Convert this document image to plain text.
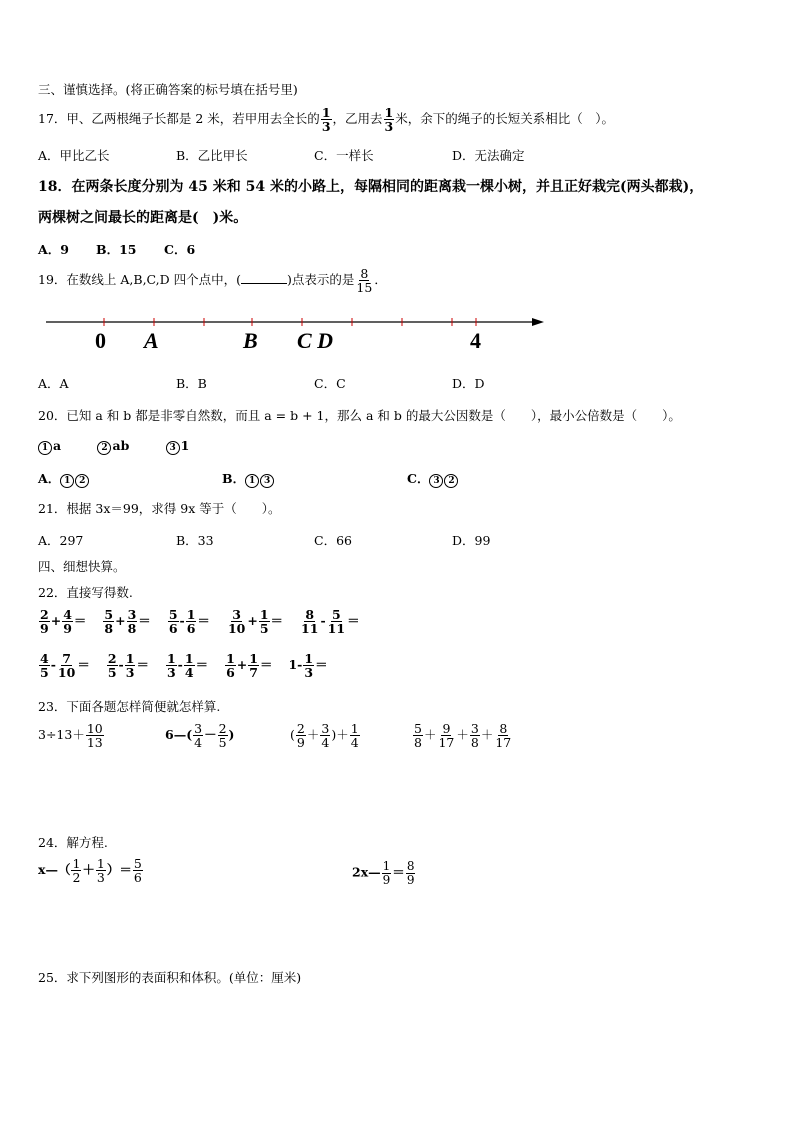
三、谨慎选择。(将正确答案的标号填在括号里)
17．甲、乙两根绳子长都是 2 米，若甲用去全长的 $\frac{1}{3}$ ，乙用去 $\frac{1}{3}$ 米，余下的绳子的长短关系相比（　）。
A．甲比乙长	B．乙比甲长	C．一样长	D．无法确定
18．在两条长度分别为 45 米和 54 米的小路上，每隔相同的距离栽一棵小树，并且正好栽完(两头都栽)，
两棵树之间最长的距离是(　)米。
A．9 B．15 C．6
19．在数线上 A,B,C,D 四个点中，(	)点表示的是 $\frac{8}{15}$ ．
0 A	B C D	4
A．A	B．B	C．C	D．D
20．已知 a 和 b 都是非零自然数，而且 a = b + 1，那么 a 和 b 的最大公因数是（　　），最小公倍数是（　　）。
1 a	2 ab	3 1
A． 1 2	B． 1 3	C． 3 2
21．根据 3x＝99，求得 9x 等于（　　）。
A．297	B．33	C．66	D．99
四、细想快算。
22．直接写得数.
$\frac{2}{9} + \frac{4}{9} = \frac{5}{8} + \frac{3}{8} = \frac{5}{6} - \frac{1}{6} = \frac{3}{10} + \frac{1}{5} = \frac{8}{11} - \frac{5}{11}$ ＝
$\frac{4}{5} - \frac{7}{10} = \frac{2}{5} - \frac{1}{3} = \frac{1}{3} - \frac{1}{4} = \frac{1}{6} + \frac{1}{7} = 1- \frac{1}{3}$ ＝
23．下面各题怎样简便就怎样算.
$3\div 13+ \frac{10}{13}$	6—( $\frac{3}{4} - \frac{2}{5}$ )	( $\frac{2}{9} + \frac{3}{4}$ )＋ $\frac{1}{4}$	$\frac{5}{8} + \frac{9}{17} + \frac{3}{8} + \frac{8}{17}$
24．解方程.
x—（ $\frac{1}{2} + \frac{1}{3}$ ）＝ $\frac{5}{6}$	2x— $\frac{1}{9} = \frac{8}{9}$
25．求下列图形的表面积和体积。(单位：厘米)
